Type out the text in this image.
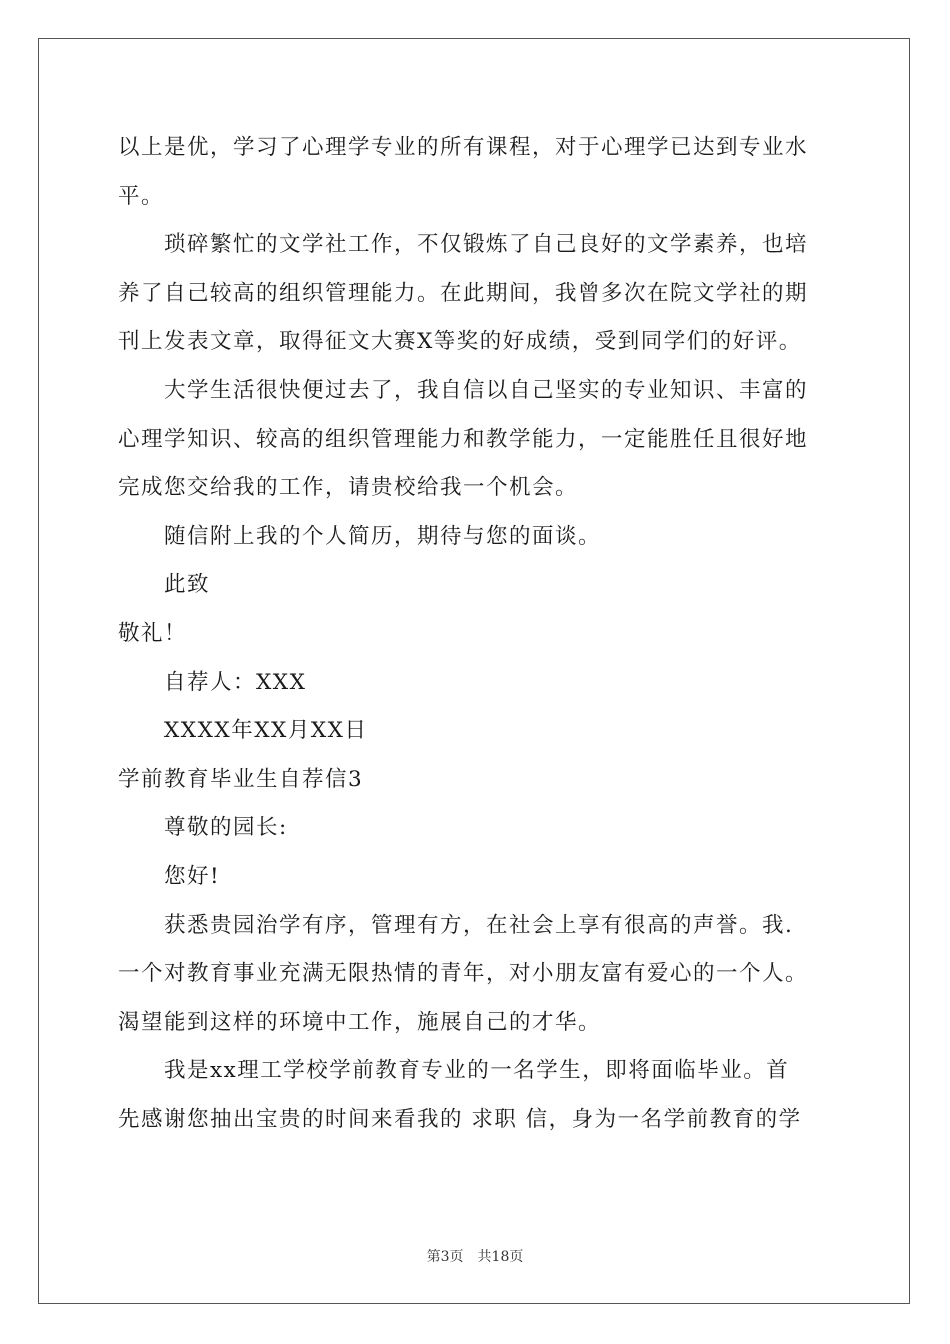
以上是优，学习了心理学专业的所有课程，对于心理学已达到专业水

平。

琐碎繁忙的文学社工作，不仅锻炼了自己良好的文学素养，也培

养了自己较高的组织管理能力。在此期间，我曾多次在院文学社的期

刊上发表文章，取得征文大赛X等奖的好成绩，受到同学们的好评。

大学生活很快便过去了，我自信以自己坚实的专业知识、丰富的

心理学知识、较高的组织管理能力和教学能力，一定能胜任且很好地

完成您交给我的工作，请贵校给我一个机会。

随信附上我的个人简历，期待与您的面谈。

此致

敬礼！

自荐人：XXX

XXXX年XX月XX日

学前教育毕业生自荐信3

尊敬的园长:

您好!

获悉贵园治学有序，管理有方，在社会上享有很高的声誉。我.

一个对教育事业充满无限热情的青年，对小朋友富有爱心的一个人。

渴望能到这样的环境中工作，施展自己的才华。

我是xx理工学校学前教育专业的一名学生，即将面临毕业。首

先感谢您抽出宝贵的时间来看我的 求职 信，身为一名学前教育的学

第3页 共18页
